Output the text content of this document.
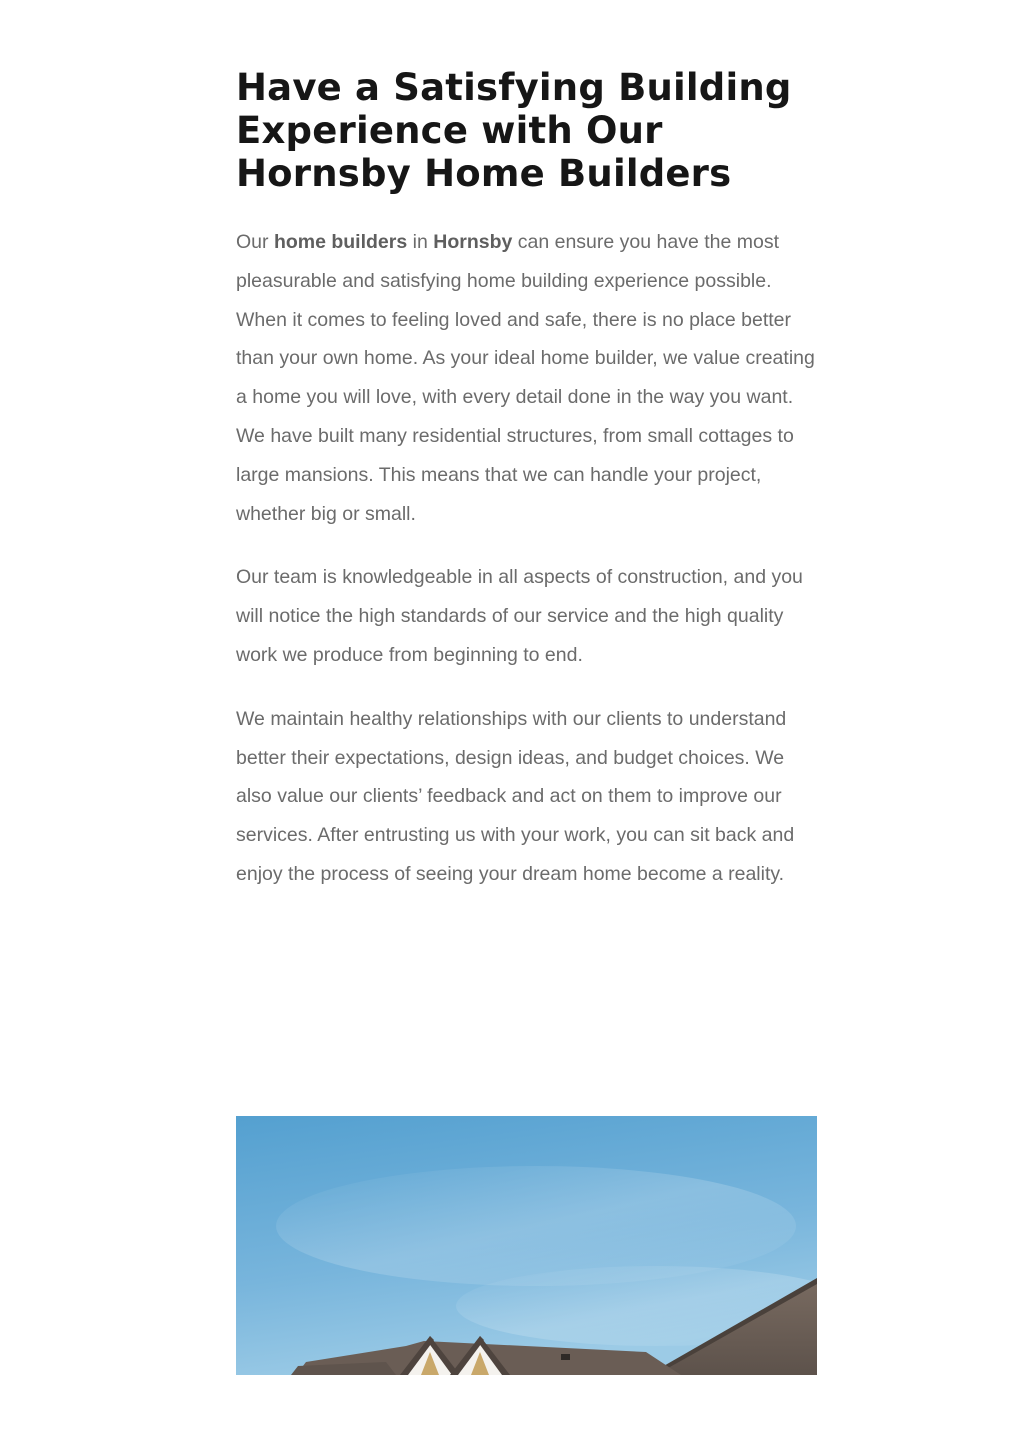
Have a Satisfying Building Experience with Our Hornsby Home Builders

Our home builders in Hornsby can ensure you have the most pleasurable and satisfying home building experience possible. When it comes to feeling loved and safe, there is no place better than your own home. As your ideal home builder, we value creating a home you will love, with every detail done in the way you want. We have built many residential structures, from small cottages to large mansions. This means that we can handle your project, whether big or small.

Our team is knowledgeable in all aspects of construction, and you will notice the high standards of our service and the high quality work we produce from beginning to end.

We maintain healthy relationships with our clients to understand better their expectations, design ideas, and budget choices. We also value our clients’ feedback and act on them to improve our services. After entrusting us with your work, you can sit back and enjoy the process of seeing your dream home become a reality.
